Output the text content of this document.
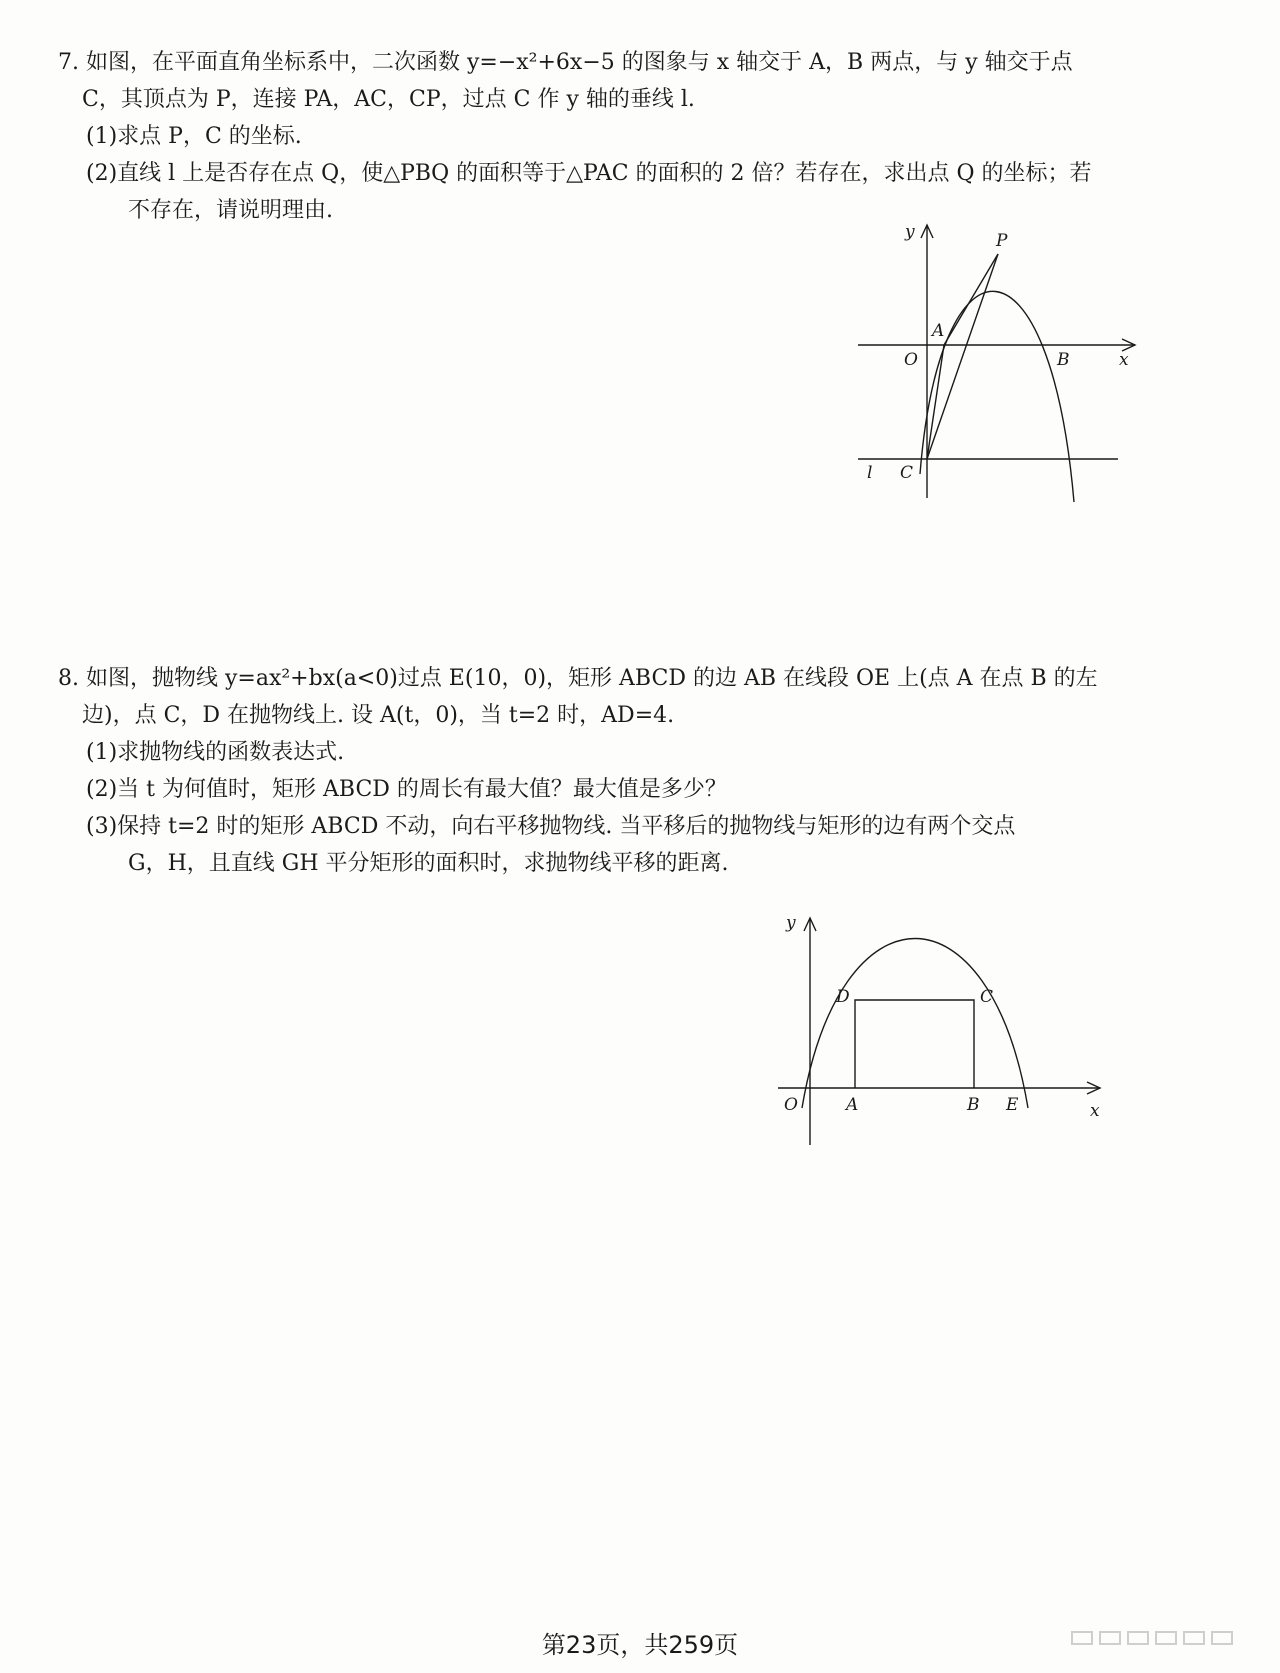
7. 如图，在平面直角坐标系中，二次函数 y=−x²+6x−5 的图象与 x 轴交于 A，B 两点，与 y 轴交于点

C，其顶点为 P，连接 PA，AC，CP，过点 C 作 y 轴的垂线 l.

(1)求点 P，C 的坐标.

(2)直线 l 上是否存在点 Q，使△PBQ 的面积等于△PAC 的面积的 2 倍？若存在，求出点 Q 的坐标；若

不存在，请说明理由.

y	P
A
O	B	x
C
l

8. 如图，抛物线 y=ax²+bx(a<0)过点 E(10，0)，矩形 ABCD 的边 AB 在线段 OE 上(点 A 在点 B 的左

边)，点 C，D 在抛物线上. 设 A(t，0)，当 t=2 时，AD=4.

(1)求抛物线的函数表达式.

(2)当 t 为何值时，矩形 ABCD 的周长有最大值？最大值是多少？

(3)保持 t=2 时的矩形 ABCD 不动，向右平移抛物线. 当平移后的抛物线与矩形的边有两个交点

G，H，且直线 GH 平分矩形的面积时，求抛物线平移的距离.

y
D	C
O	A	B E	x
第23页，共259页
